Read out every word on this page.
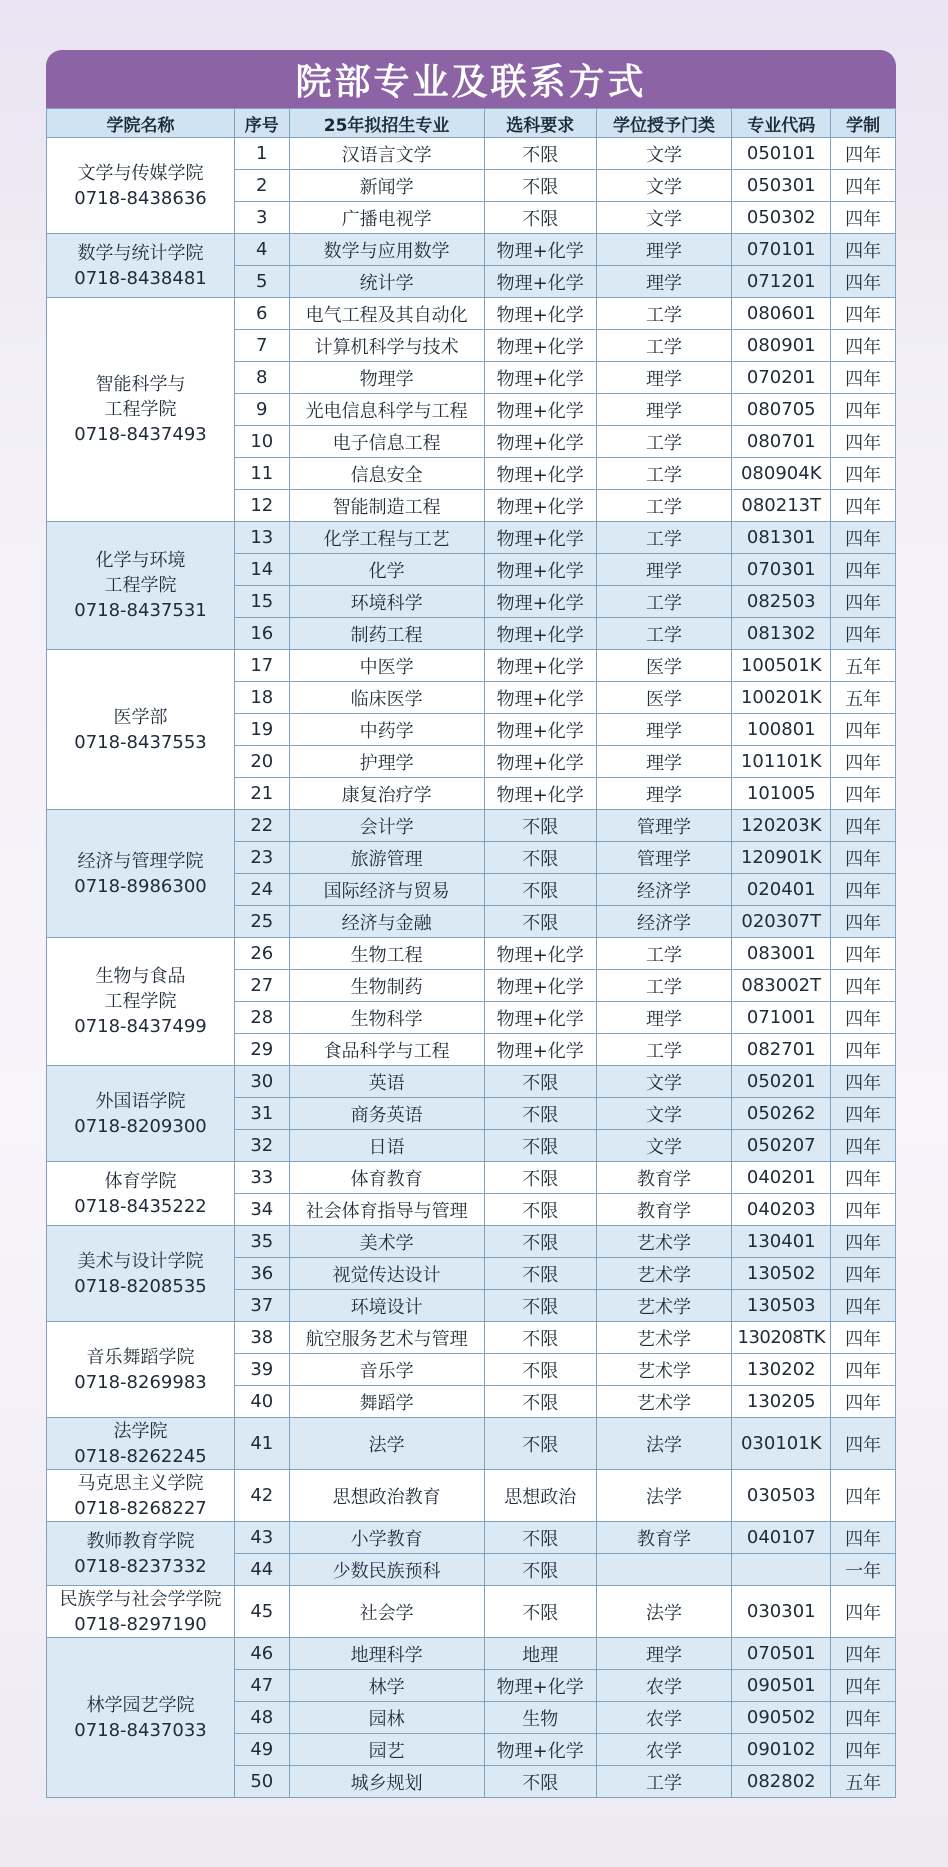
院部专业及联系方式
学院名称	序号	25年拟招生专业	选科要求	学位授予门类	专业代码	学制

文学与传媒学院
0718-8438636	1	汉语言文学	不限	文学	050101	四年
	2	新闻学	不限	文学	050301	四年
	3	广播电视学	不限	文学	050302	四年

数学与统计学院
0718-8438481	4	数学与应用数学	物理+化学	理学	070101	四年
	5	统计学	物理+化学	理学	071201	四年

智能科学与
工程学院
0718-8437493	6	电气工程及其自动化	物理+化学	工学	080601	四年
	7	计算机科学与技术	物理+化学	工学	080901	四年
	8	物理学	物理+化学	理学	070201	四年
	9	光电信息科学与工程	物理+化学	理学	080705	四年
	10	电子信息工程	物理+化学	工学	080701	四年
	11	信息安全	物理+化学	工学	080904K	四年
	12	智能制造工程	物理+化学	工学	080213T	四年

化学与环境
工程学院
0718-8437531	13	化学工程与工艺	物理+化学	工学	081301	四年
	14	化学	物理+化学	理学	070301	四年
	15	环境科学	物理+化学	工学	082503	四年
	16	制药工程	物理+化学	工学	081302	四年

医学部
0718-8437553	17	中医学	物理+化学	医学	100501K	五年
	18	临床医学	物理+化学	医学	100201K	五年
	19	中药学	物理+化学	理学	100801	四年
	20	护理学	物理+化学	理学	101101K	四年
	21	康复治疗学	物理+化学	理学	101005	四年

经济与管理学院
0718-8986300	22	会计学	不限	管理学	120203K	四年
	23	旅游管理	不限	管理学	120901K	四年
	24	国际经济与贸易	不限	经济学	020401	四年
	25	经济与金融	不限	经济学	020307T	四年

生物与食品
工程学院
0718-8437499	26	生物工程	物理+化学	工学	083001	四年
	27	生物制药	物理+化学	工学	083002T	四年
	28	生物科学	物理+化学	理学	071001	四年
	29	食品科学与工程	物理+化学	工学	082701	四年

外国语学院
0718-8209300	30	英语	不限	文学	050201	四年
	31	商务英语	不限	文学	050262	四年
	32	日语	不限	文学	050207	四年

体育学院
0718-8435222	33	体育教育	不限	教育学	040201	四年
	34	社会体育指导与管理	不限	教育学	040203	四年

美术与设计学院
0718-8208535	35	美术学	不限	艺术学	130401	四年
	36	视觉传达设计	不限	艺术学	130502	四年
	37	环境设计	不限	艺术学	130503	四年

音乐舞蹈学院
0718-8269983	38	航空服务艺术与管理	不限	艺术学	130208TK	四年
	39	音乐学	不限	艺术学	130202	四年
	40	舞蹈学	不限	艺术学	130205	四年

法学院
0718-8262245	41	法学	不限	法学	030101K	四年

马克思主义学院
0718-8268227	42	思想政治教育	思想政治	法学	030503	四年

教师教育学院
0718-8237332	43	小学教育	不限	教育学	040107	四年
	44	少数民族预科	不限			一年

民族学与社会学学院
0718-8297190	45	社会学	不限	法学	030301	四年

林学园艺学院
0718-8437033	46	地理科学	地理	理学	070501	四年
	47	林学	物理+化学	农学	090501	四年
	48	园林	生物	农学	090502	四年
	49	园艺	物理+化学	农学	090102	四年
	50	城乡规划	不限	工学	082802	五年
